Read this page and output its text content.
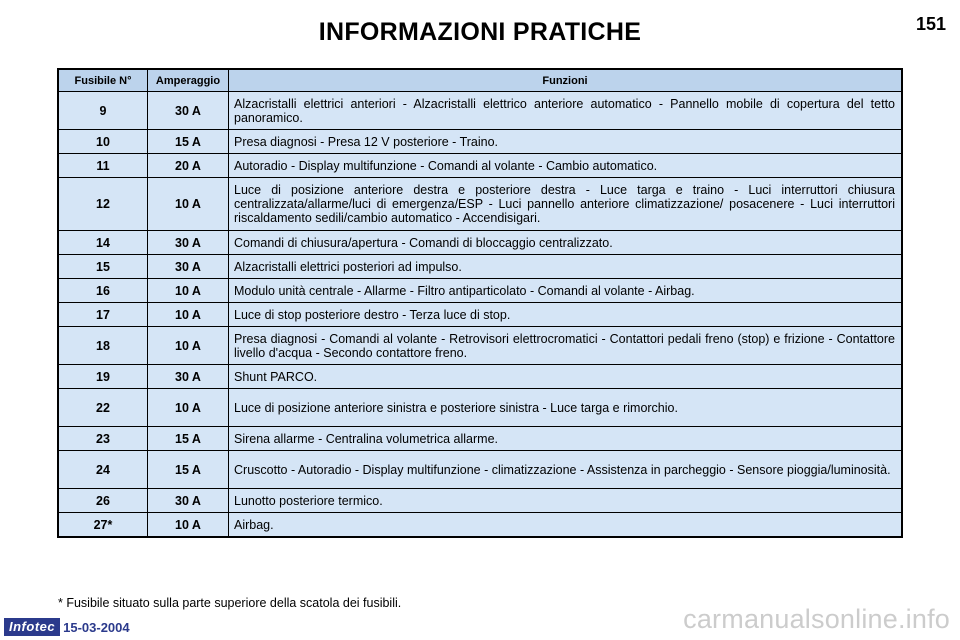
INFORMAZIONI PRATICHE	151
Fusibile N°	Amperaggio	Funzioni
9	30 A	Alzacristalli elettrici anteriori - Alzacristalli elettrico anteriore automatico - Pannello mobile di copertura del tetto panoramico.
10	15 A	Presa diagnosi - Presa 12 V posteriore - Traino.
11	20 A	Autoradio - Display multifunzione - Comandi al volante - Cambio automatico.
12	10 A	Luce di posizione anteriore destra e posteriore destra - Luce targa e traino - Luci interruttori chiusura centralizzata/allarme/luci di emergenza/ESP - Luci pannello anteriore climatizzazione/ posacenere - Luci interruttori riscaldamento sedili/cambio automatico - Accendisigari.
14	30 A	Comandi di chiusura/apertura - Comandi di bloccaggio centralizzato.
15	30 A	Alzacristalli elettrici posteriori ad impulso.
16	10 A	Modulo unità centrale - Allarme - Filtro antiparticolato - Comandi al volante - Airbag.
17	10 A	Luce di stop posteriore destro - Terza luce di stop.
18	10 A	Presa diagnosi - Comandi al volante - Retrovisori elettrocromatici - Contattori pedali freno (stop) e frizione - Contattore livello d'acqua - Secondo contattore freno.
19	30 A	Shunt PARCO.
22	10 A	Luce di posizione anteriore sinistra e posteriore sinistra - Luce targa e rimorchio.
23	15 A	Sirena allarme - Centralina volumetrica allarme.
24	15 A	Cruscotto - Autoradio - Display multifunzione - climatizzazione - Assistenza in parcheggio - Sensore pioggia/luminosità.
26	30 A	Lunotto posteriore termico.
27*	10 A	Airbag.
* Fusibile situato sulla parte superiore della scatola dei fusibili.
Infotec 15-03-2004	carmanualsonline.info
